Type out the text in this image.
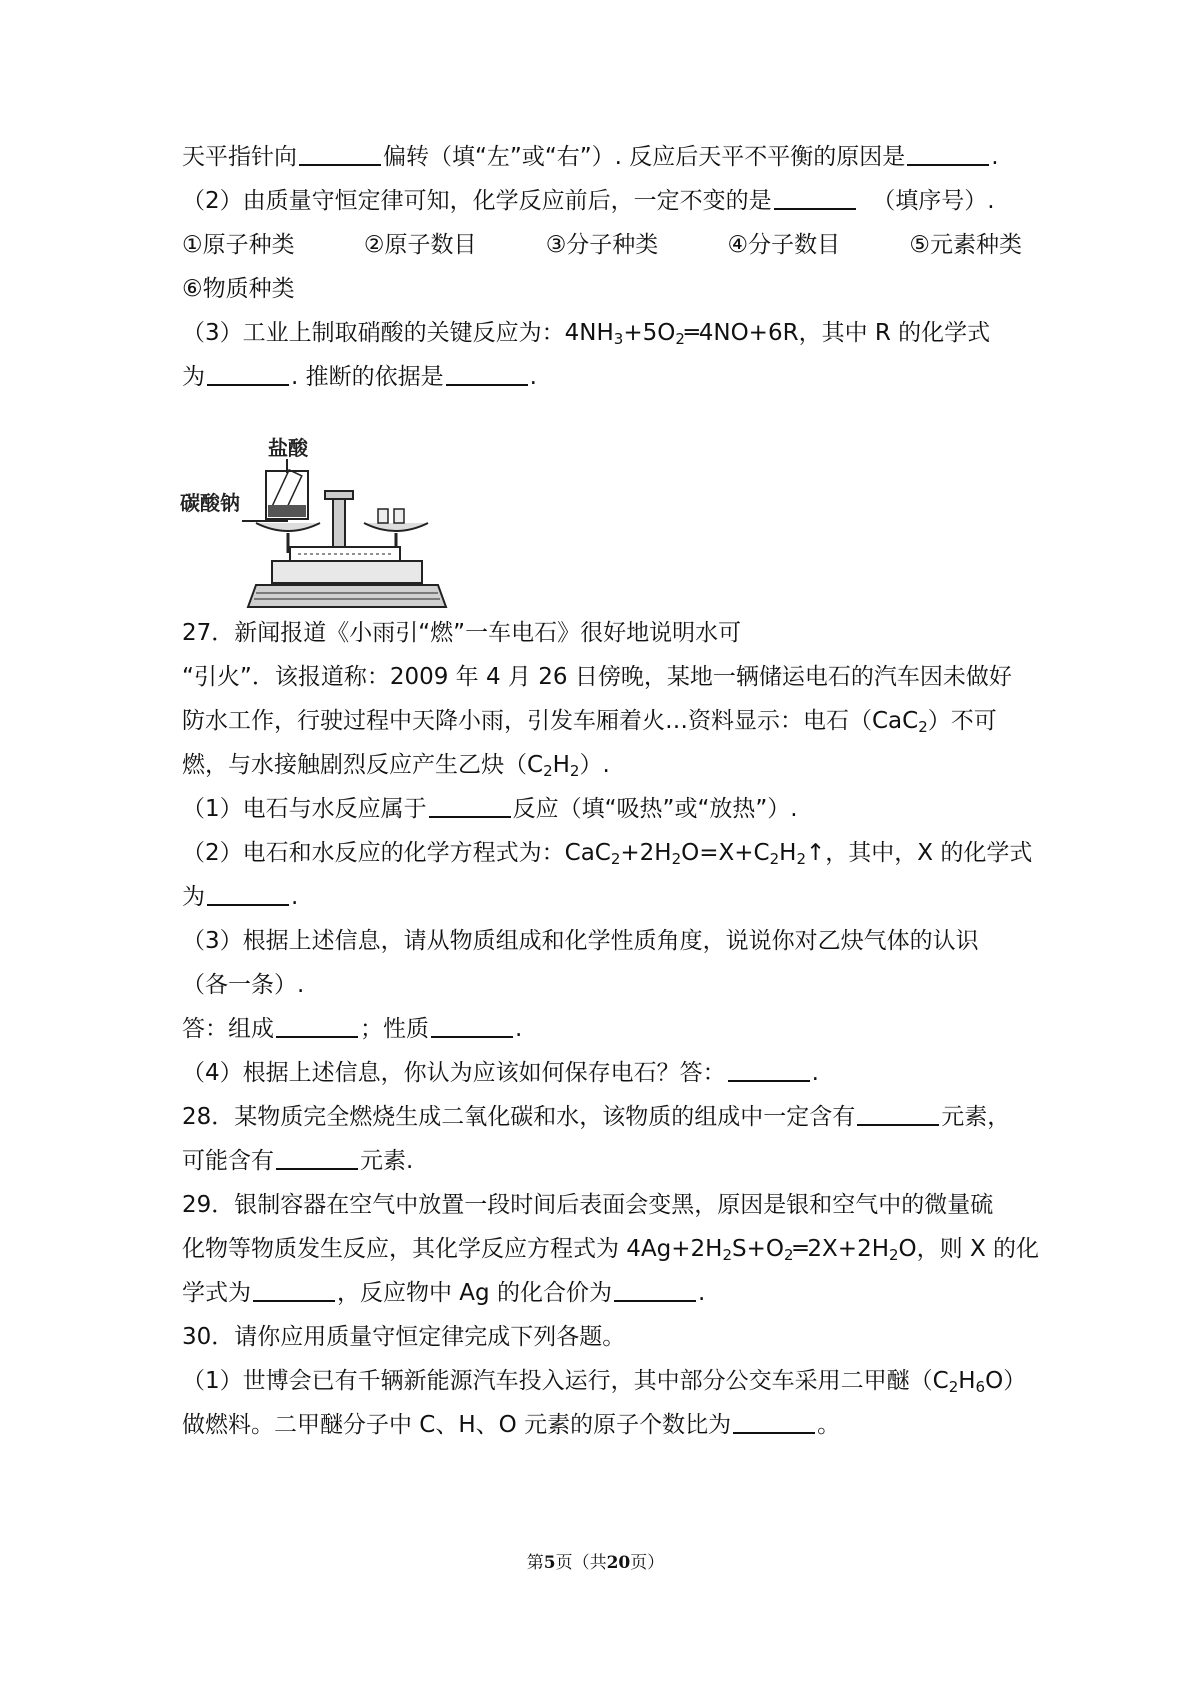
天平指针向	偏转（填“左”或“右”）. 反应后天平不平衡的原因是	.
（2）由质量守恒定律可知，化学反应前后，一定不变的是	（填序号）.
①原子种类	②原子数目	③分子种类	④分子数目	⑤元素种类
⑥物质种类
（3）工业上制取硝酸的关键反应为：$4NH_3+5O_2═4NO+6R$，其中 R 的化学式
为	. 推断的依据是	.
盐酸
碳酸钠
27．新闻报道《小雨引“燃”一车电石》很好地说明水可
“引火”．该报道称：2009 年 4 月 26 日傍晚，某地一辆储运电石的汽车因未做好
防水工作，行驶过程中天降小雨，引发车厢着火…资料显示：电石（CaC$_2$）不可
燃，与水接触剧烈反应产生乙炔$(C_2H_2)$.
（1）电石与水反应属于	反应（填“吸热”或“放热”）.
（2）电石和水反应的化学方程式为：$CaC_2+2H_2O=X+C_2H_2↑$，其中，X 的化学式
为	.
（3）根据上述信息，请从物质组成和化学性质角度，说说你对乙炔气体的认识
（各一条）.
答：组成	；性质	.
（4）根据上述信息，你认为应该如何保存电石？答：	.
28．某物质完全燃烧生成二氧化碳和水，该物质的组成中一定含有	元素，
可能含有	元素.
29．银制容器在空气中放置一段时间后表面会变黑，原因是银和空气中的微量硫
化物等物质发生反应，其化学反应方程式为 $4Ag+2H_2S+O_2═2X+2H_2O$，则 X 的化
学式为	，反应物中 Ag 的化合价为	.
30．请你应用质量守恒定律完成下列各题。
（1）世博会已有千辆新能源汽车投入运行，其中部分公交车采用二甲醚$(C_2H_6O)$
做燃料。二甲醚分子中 C、H、O 元素的原子个数比为	。
第5页（共20页）
